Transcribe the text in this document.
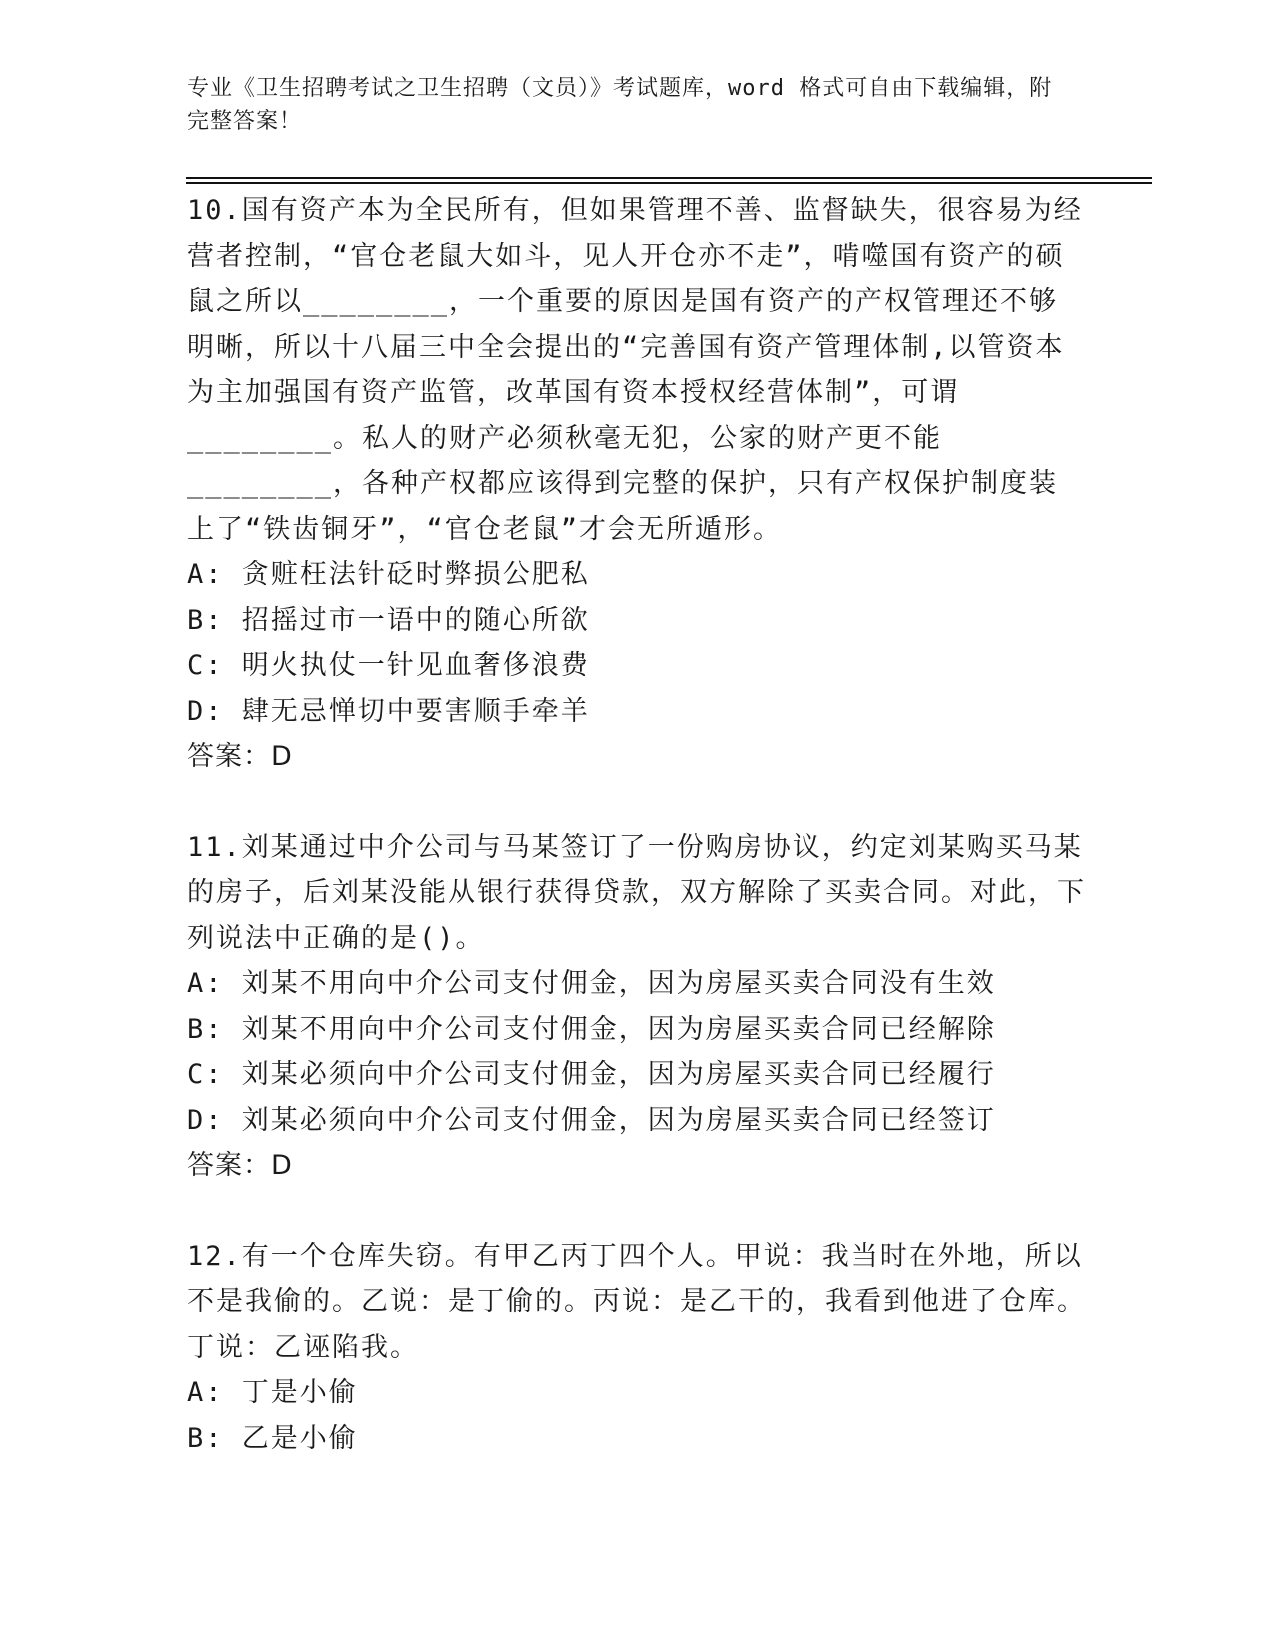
专业《卫生招聘考试之卫生招聘（文员）》考试题库，word 格式可自由下载编辑，附完整答案！

10.国有资产本为全民所有，但如果管理不善、监督缺失，很容易为经营者控制，“官仓老鼠大如斗，见人开仓亦不走”，啃噬国有资产的硕鼠之所以________，一个重要的原因是国有资产的产权管理还不够明晰，所以十八届三中全会提出的“完善国有资产管理体制,以管资本为主加强国有资产监管，改革国有资本授权经营体制”，可谓________。私人的财产必须秋毫无犯，公家的财产更不能________，各种产权都应该得到完整的保护，只有产权保护制度装上了“铁齿铜牙”，“官仓老鼠”才会无所遁形。

A: 贪赃枉法针砭时弊损公肥私

B: 招摇过市一语中的随心所欲

C: 明火执仗一针见血奢侈浪费

D: 肆无忌惮切中要害顺手牵羊

答案：D

11.刘某通过中介公司与马某签订了一份购房协议，约定刘某购买马某的房子，后刘某没能从银行获得贷款，双方解除了买卖合同。对此，下列说法中正确的是()。

A: 刘某不用向中介公司支付佣金，因为房屋买卖合同没有生效

B: 刘某不用向中介公司支付佣金，因为房屋买卖合同已经解除

C: 刘某必须向中介公司支付佣金，因为房屋买卖合同已经履行

D: 刘某必须向中介公司支付佣金，因为房屋买卖合同已经签订

答案：D

12.有一个仓库失窃。有甲乙丙丁四个人。甲说：我当时在外地，所以不是我偷的。乙说：是丁偷的。丙说：是乙干的，我看到他进了仓库。丁说：乙诬陷我。

A: 丁是小偷

B: 乙是小偷
